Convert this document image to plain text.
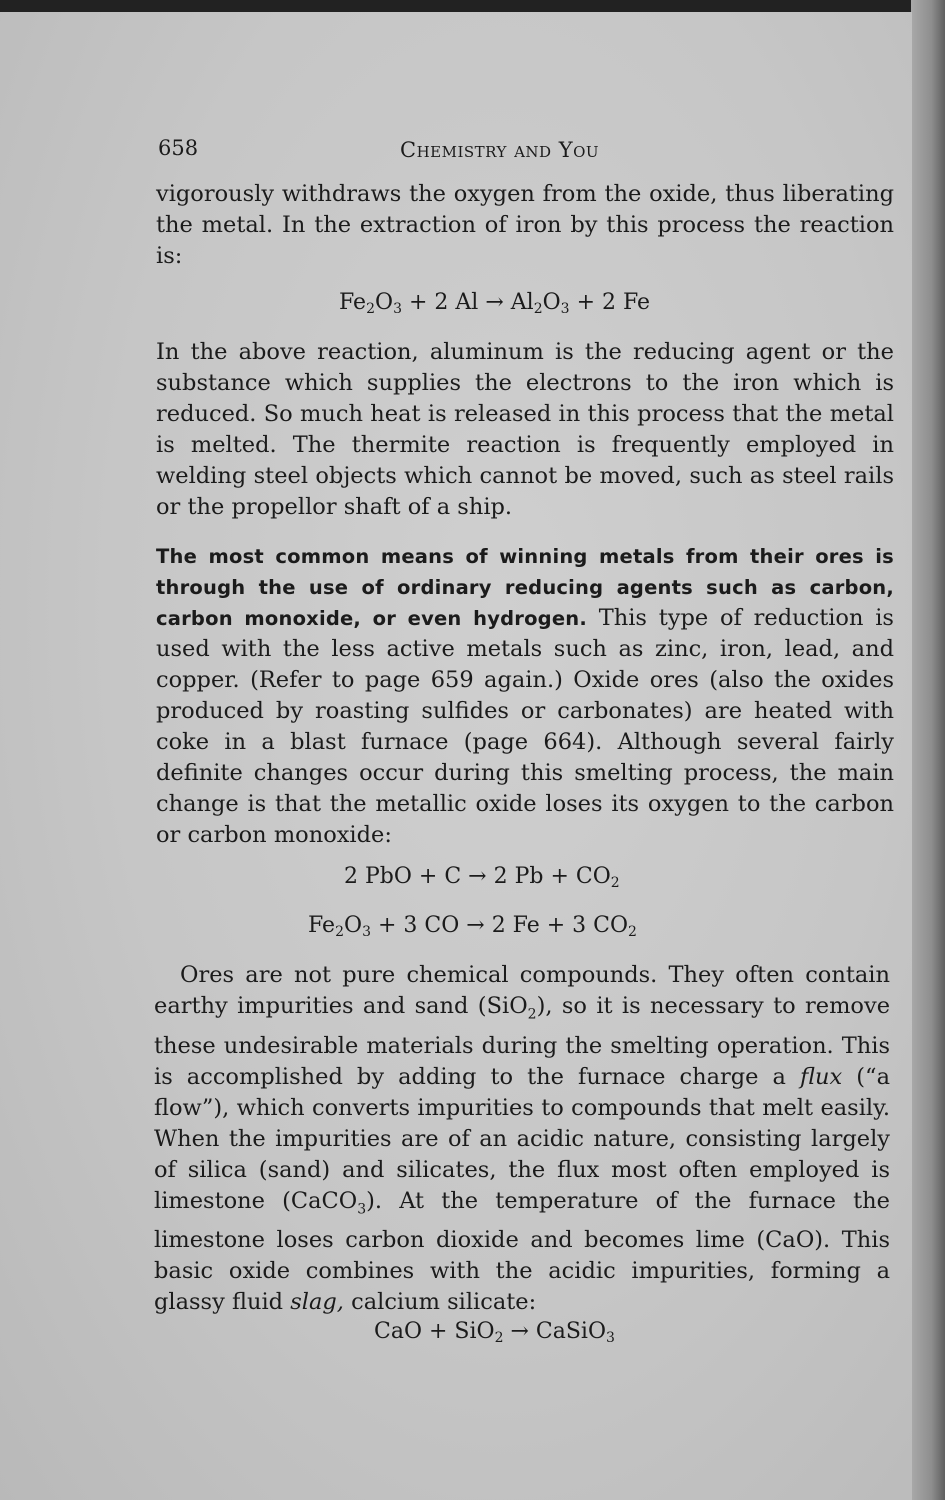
658	Chemistry and You

vigorously withdraws the oxygen from the oxide, thus liberating the metal. In the extraction of iron by this process the reaction is:

$Fe_2O_3 + 2$ $Al \to Al_2O_3 + 2$ Fe

In the above reaction, aluminum is the reducing agent or the substance which supplies the electrons to the iron which is reduced. So much heat is released in this process that the metal is melted. The thermite reaction is frequently employed in welding steel objects which cannot be moved, such as steel rails or the propellor shaft of a ship.

The most common means of winning metals from their ores is through the use of ordinary reducing agents such as carbon, carbon monoxide, or even hydrogen. This type of reduction is used with the less active metals such as zinc, iron, lead, and copper. (Refer to page 659 again.) Oxide ores (also the oxides produced by roasting sulfides or carbonates) are heated with coke in a blast furnace (page 664). Although several fairly definite changes occur during this smelting process, the main change is that the metallic oxide loses its oxygen to the carbon or carbon monoxide:

2 PbO + C → 2 $Pb + CO_2$
$Fe_2O_3 + 3$ CO → 2 Fe + 3 $CO_2$

Ores are not pure chemical compounds. They often contain earthy impurities and sand (SiO$_2$), so it is necessary to remove these undesirable materials during the smelting operation. This is accomplished by adding to the furnace charge a flux (“a flow”), which converts impurities to compounds that melt easily. When the impurities are of an acidic nature, consisting largely of silica (sand) and silicates, the flux most often employed is limestone (CaCO$_3$). At the temperature of the furnace the limestone loses carbon dioxide and becomes lime (CaO). This basic oxide combines with the acidic impurities, forming a glassy fluid slag, calcium silicate:

CaO + SiO$_2$ → CaSiO$_3$
